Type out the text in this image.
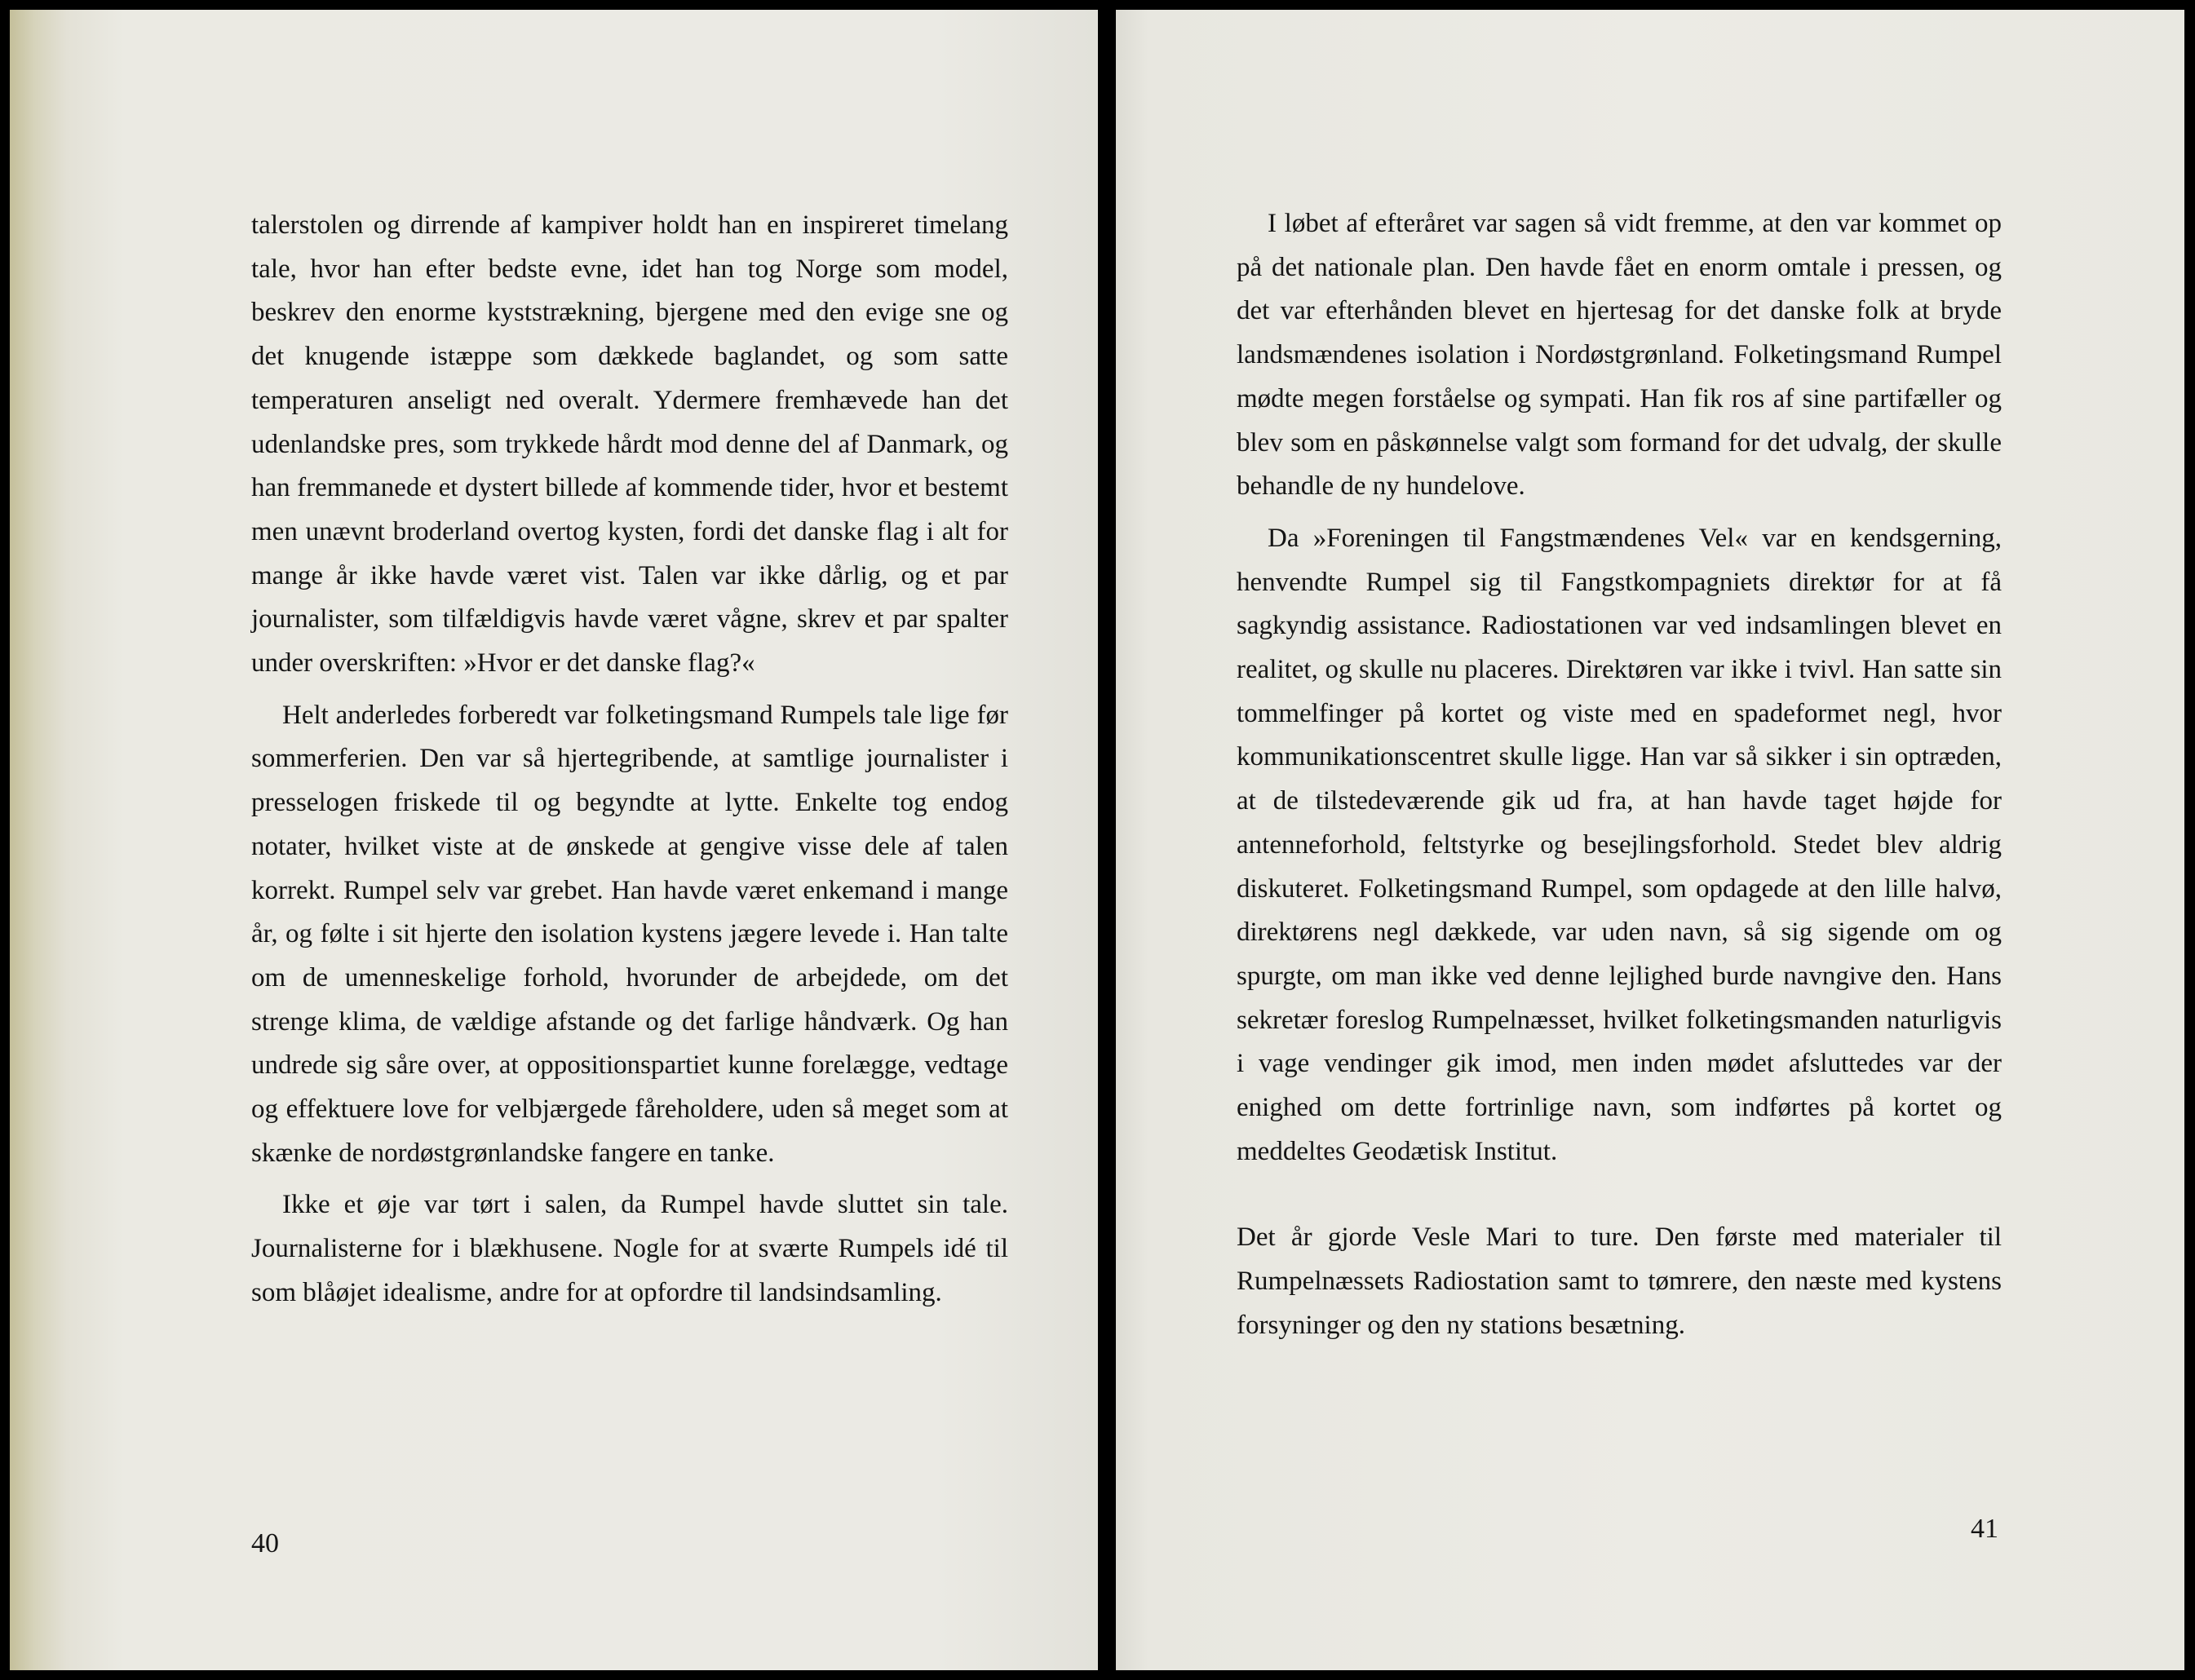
talerstolen og dirrende af kampiver holdt han en inspireret timelang tale, hvor han efter bedste evne, idet han tog Norge som model, beskrev den enorme kyststrækning, bjergene med den evige sne og det knugende istæppe som dækkede baglandet, og som satte temperaturen anseligt ned overalt. Ydermere fremhævede han det udenlandske pres, som trykkede hårdt mod denne del af Danmark, og han fremmanede et dystert billede af kommende tider, hvor et bestemt men unævnt broderland overtog kysten, fordi det danske flag i alt for mange år ikke havde været vist. Talen var ikke dårlig, og et par journalister, som tilfældigvis havde været vågne, skrev et par spalter under overskriften: »Hvor er det danske flag?«

Helt anderledes forberedt var folketingsmand Rumpels tale lige før sommerferien. Den var så hjertegribende, at samtlige journalister i presselogen friskede til og begyndte at lytte. Enkelte tog endog notater, hvilket viste at de ønskede at gengive visse dele af talen korrekt. Rumpel selv var grebet. Han havde været enkemand i mange år, og følte i sit hjerte den isolation kystens jægere levede i. Han talte om de umenneskelige forhold, hvorunder de arbejdede, om det strenge klima, de vældige afstande og det farlige håndværk. Og han undrede sig såre over, at oppositionspartiet kunne forelægge, vedtage og effektuere love for velbjærgede fåreholdere, uden så meget som at skænke de nordøstgrønlandske fangere en tanke.

Ikke et øje var tørt i salen, da Rumpel havde sluttet sin tale. Journalisterne for i blækhusene. Nogle for at sværte Rumpels idé til som blåøjet idealisme, andre for at opfordre til landsindsamling.

40

I løbet af efteråret var sagen så vidt fremme, at den var kommet op på det nationale plan. Den havde fået en enorm omtale i pressen, og det var efterhånden blevet en hjertesag for det danske folk at bryde landsmændenes isolation i Nordøstgrønland. Folketingsmand Rumpel mødte megen forståelse og sympati. Han fik ros af sine partifæller og blev som en påskønnelse valgt som formand for det udvalg, der skulle behandle de ny hundelove.

Da »Foreningen til Fangstmændenes Vel« var en kendsgerning, henvendte Rumpel sig til Fangstkompagniets direktør for at få sagkyndig assistance. Radiostationen var ved indsamlingen blevet en realitet, og skulle nu placeres. Direktøren var ikke i tvivl. Han satte sin tommelfinger på kortet og viste med en spadeformet negl, hvor kommunikationscentret skulle ligge. Han var så sikker i sin optræden, at de tilstedeværende gik ud fra, at han havde taget højde for antenneforhold, feltstyrke og besejlingsforhold. Stedet blev aldrig diskuteret. Folketingsmand Rumpel, som opdagede at den lille halvø, direktørens negl dækkede, var uden navn, så sig sigende om og spurgte, om man ikke ved denne lejlighed burde navngive den. Hans sekretær foreslog Rumpelnæsset, hvilket folketingsmanden naturligvis i vage vendinger gik imod, men inden mødet afsluttedes var der enighed om dette fortrinlige navn, som indførtes på kortet og meddeltes Geodætisk Institut.

Det år gjorde Vesle Mari to ture. Den første med materialer til Rumpelnæssets Radiostation samt to tømrere, den næste med kystens forsyninger og den ny stations besætning.

41
